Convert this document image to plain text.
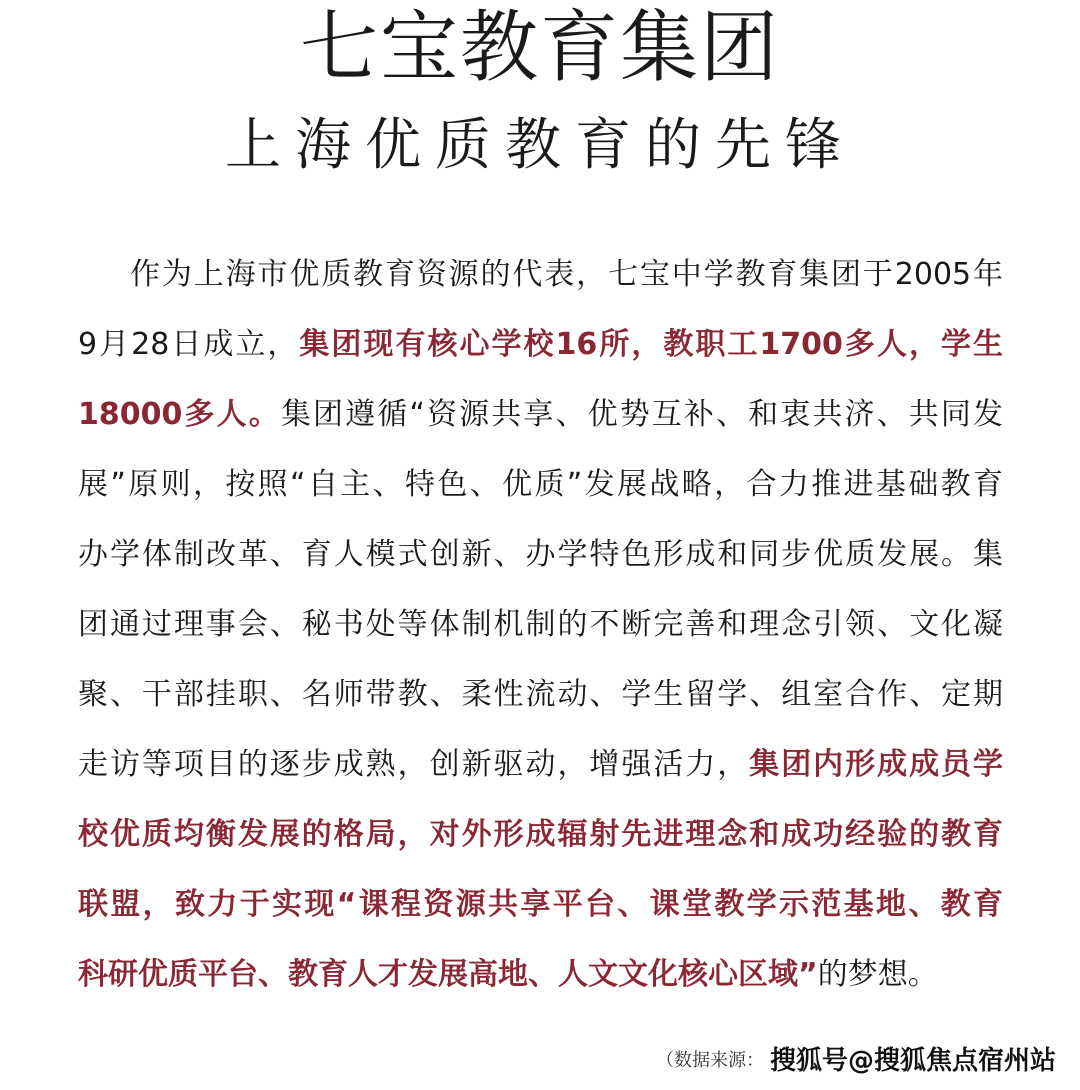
七宝教育集团
上海优质教育的先锋
作为上海市优质教育资源的代表，七宝中学教育集团于2005年
9月28日成立，集团现有核心学校16所，教职工1700多人，学生
18000多人。集团遵循“资源共享、优势互补、和衷共济、共同发
展”原则，按照“自主、特色、优质”发展战略，合力推进基础教育
办学体制改革、育人模式创新、办学特色形成和同步优质发展。集
团通过理事会、秘书处等体制机制的不断完善和理念引领、文化凝
聚、干部挂职、名师带教、柔性流动、学生留学、组室合作、定期
走访等项目的逐步成熟，创新驱动，增强活力，集团内形成成员学
校优质均衡发展的格局，对外形成辐射先进理念和成功经验的教育
联盟，致力于实现“课程资源共享平台、课堂教学示范基地、教育
科研优质平台、教育人才发展高地、人文文化核心区域”的梦想。
（数据来源： 搜狐号@搜狐焦点宿州站
